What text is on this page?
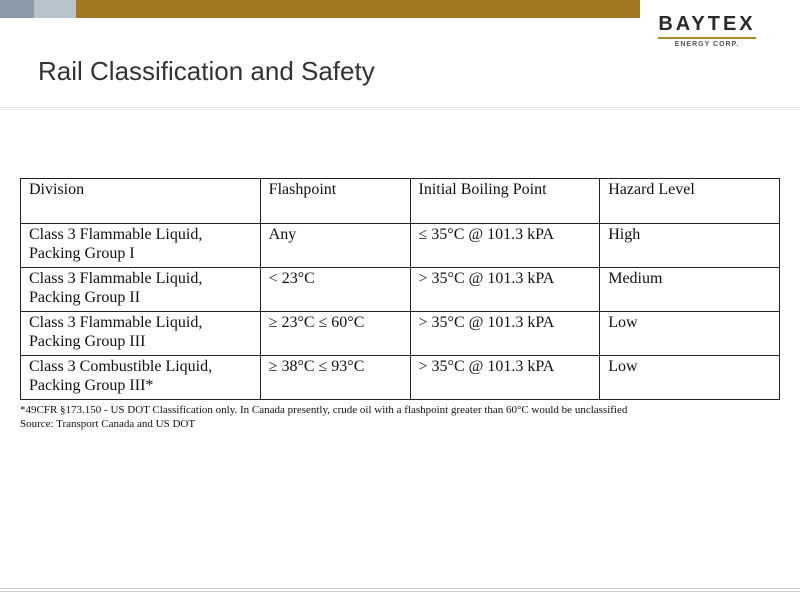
BAYTEX
ENERGY CORP.
Rail Classification and Safety
Division	Flashpoint	Initial Boiling Point	Hazard Level
Class 3 Flammable Liquid,
Packing Group I	Any	≤ 35°C @ 101.3 kPA	High
Class 3 Flammable Liquid,
Packing Group II	< 23°C	> 35°C @ 101.3 kPA	Medium
Class 3 Flammable Liquid,
Packing Group III	≥ 23°C ≤ 60°C	> 35°C @ 101.3 kPA	Low
Class 3 Combustible Liquid,
Packing Group III*	≥ 38°C ≤ 93°C	> 35°C @ 101.3 kPA	Low
*49CFR §173.150 - US DOT Classification only. In Canada presently, crude oil with a flashpoint greater than 60°C would be unclassified
Source: Transport Canada and US DOT
